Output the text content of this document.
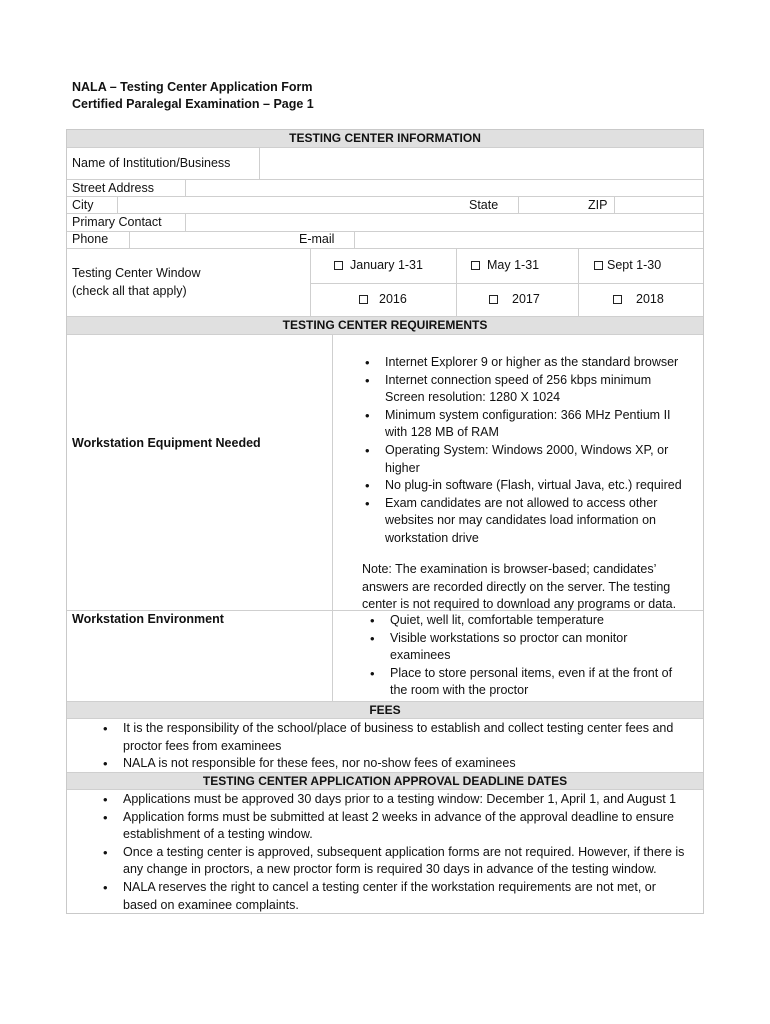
NALA – Testing Center Application Form
Certified Paralegal Examination – Page 1
TESTING CENTER INFORMATION
Name of Institution/Business
Street Address
City	State	ZIP
Primary Contact
Phone	E-mail
Testing Center Window
(check all that apply)
January 1-31	May 1-31	Sept 1-30
2016	2017	2018
TESTING CENTER REQUIREMENTS
Workstation Equipment Needed
• Internet Explorer 9 or higher as the standard browser
• Internet connection speed of 256 kbps minimum Screen resolution: 1280 X 1024
• Minimum system configuration: 366 MHz Pentium II with 128 MB of RAM
• Operating System: Windows 2000, Windows XP, or higher
• No plug-in software (Flash, virtual Java, etc.) required
• Exam candidates are not allowed to access other websites nor may candidates load information on workstation drive
Note: The examination is browser-based; candidates’ answers are recorded directly on the server. The testing center is not required to download any programs or data.
Workstation Environment
•	Quiet, well lit, comfortable temperature
• Visible workstations so proctor can monitor examinees
• Place to store personal items, even if at the front of the room with the proctor
FEES
• It is the responsibility of the school/place of business to establish and collect testing center fees and proctor fees from examinees
• NALA is not responsible for these fees, nor no-show fees of examinees
TESTING CENTER APPLICATION APPROVAL DEADLINE DATES
• Applications must be approved 30 days prior to a testing window: December 1, April 1, and August 1
• Application forms must be submitted at least 2 weeks in advance of the approval deadline to ensure establishment of a testing window.
• Once a testing center is approved, subsequent application forms are not required. However, if there is any change in proctors, a new proctor form is required 30 days in advance of the testing window.
• NALA reserves the right to cancel a testing center if the workstation requirements are not met, or based on examinee complaints.
